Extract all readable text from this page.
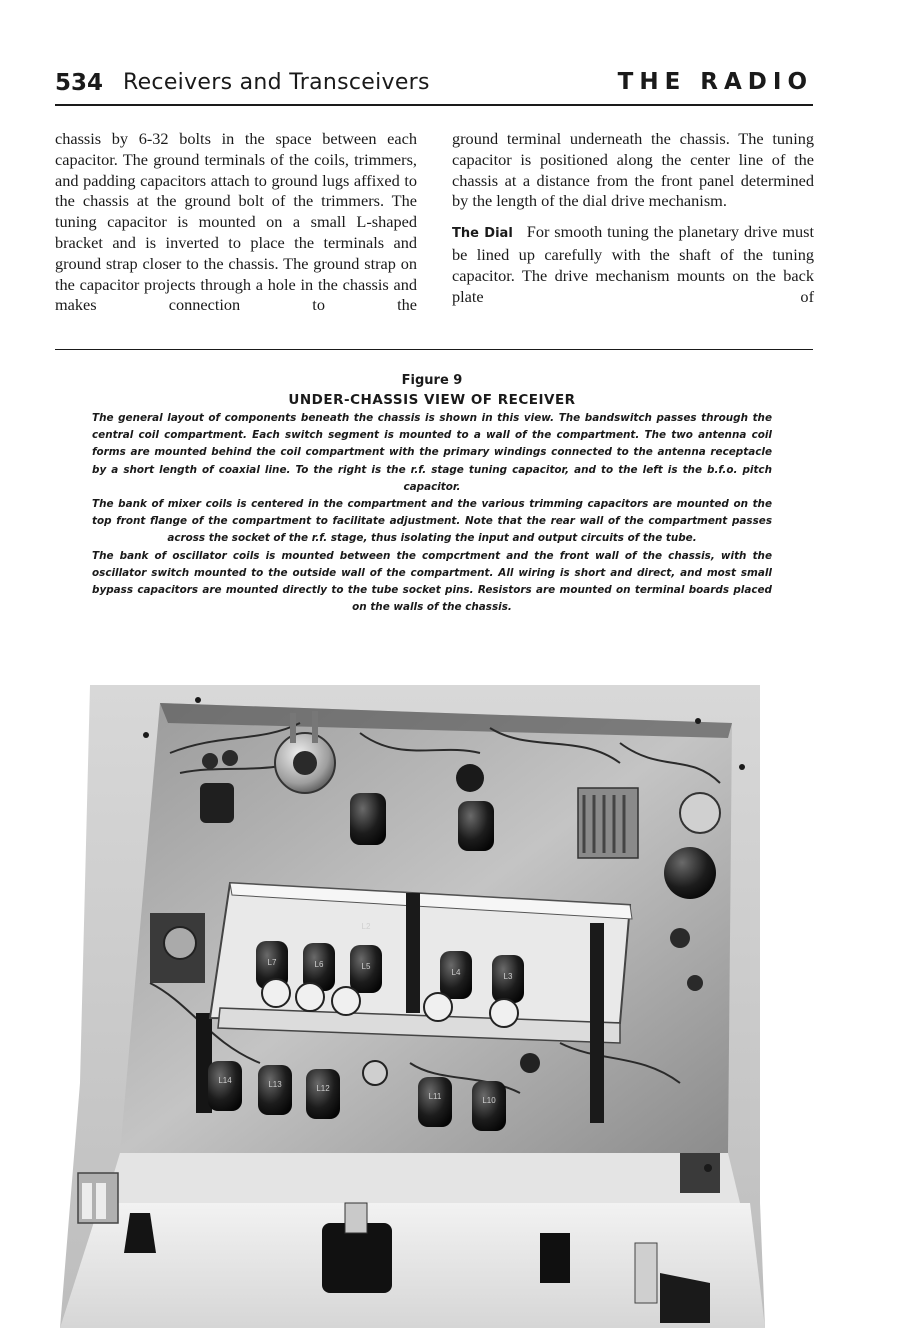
534 Receivers and Transceivers	THE RADIO

chassis by 6-32 bolts in the space between each capacitor. The ground terminals of the coils, trimmers, and padding capacitors attach to ground lugs affixed to the chassis at the ground bolt of the trimmers. The tuning capacitor is mounted on a small L-shaped bracket and is inverted to place the terminals and ground strap closer to the chassis. The ground strap on the capacitor projects through a hole in the chassis and makes connection to the

ground terminal underneath the chassis. The tuning capacitor is positioned along the center line of the chassis at a distance from the front panel determined by the length of the dial drive mechanism.

The Dial For smooth tuning the planetary drive must be lined up carefully with the shaft of the tuning capacitor. The drive mechanism mounts on the back plate of

Figure 9
UNDER-CHASSIS VIEW OF RECEIVER

The general layout of components beneath the chassis is shown in this view. The bandswitch passes through the central coil compartment. Each switch segment is mounted to a wall of the compartment. The two antenna coil forms are mounted behind the coil compartment with the primary windings connected to the antenna receptacle by a short length of coaxial line. To the right is the r.f. stage tuning capacitor, and to the left is the b.f.o. pitch capacitor.

The bank of mixer coils is centered in the compartment and the various trimming capacitors are mounted on the top front flange of the compartment to facilitate adjustment. Note that the rear wall of the compartment passes across the socket of the r.f. stage, thus isolating the input and output circuits of the tube.

The bank of oscillator coils is mounted between the compcrtment and the front wall of the chassis, with the oscillator switch mounted to the outside wall of the compartment. All wiring is short and direct, and most small bypass capacitors are mounted directly to the tube socket pins. Resistors are mounted on terminal boards placed on the walls of the chassis.

L7	L6	L5
L4	L3
L2
L14	L13	L12
L11	L10
